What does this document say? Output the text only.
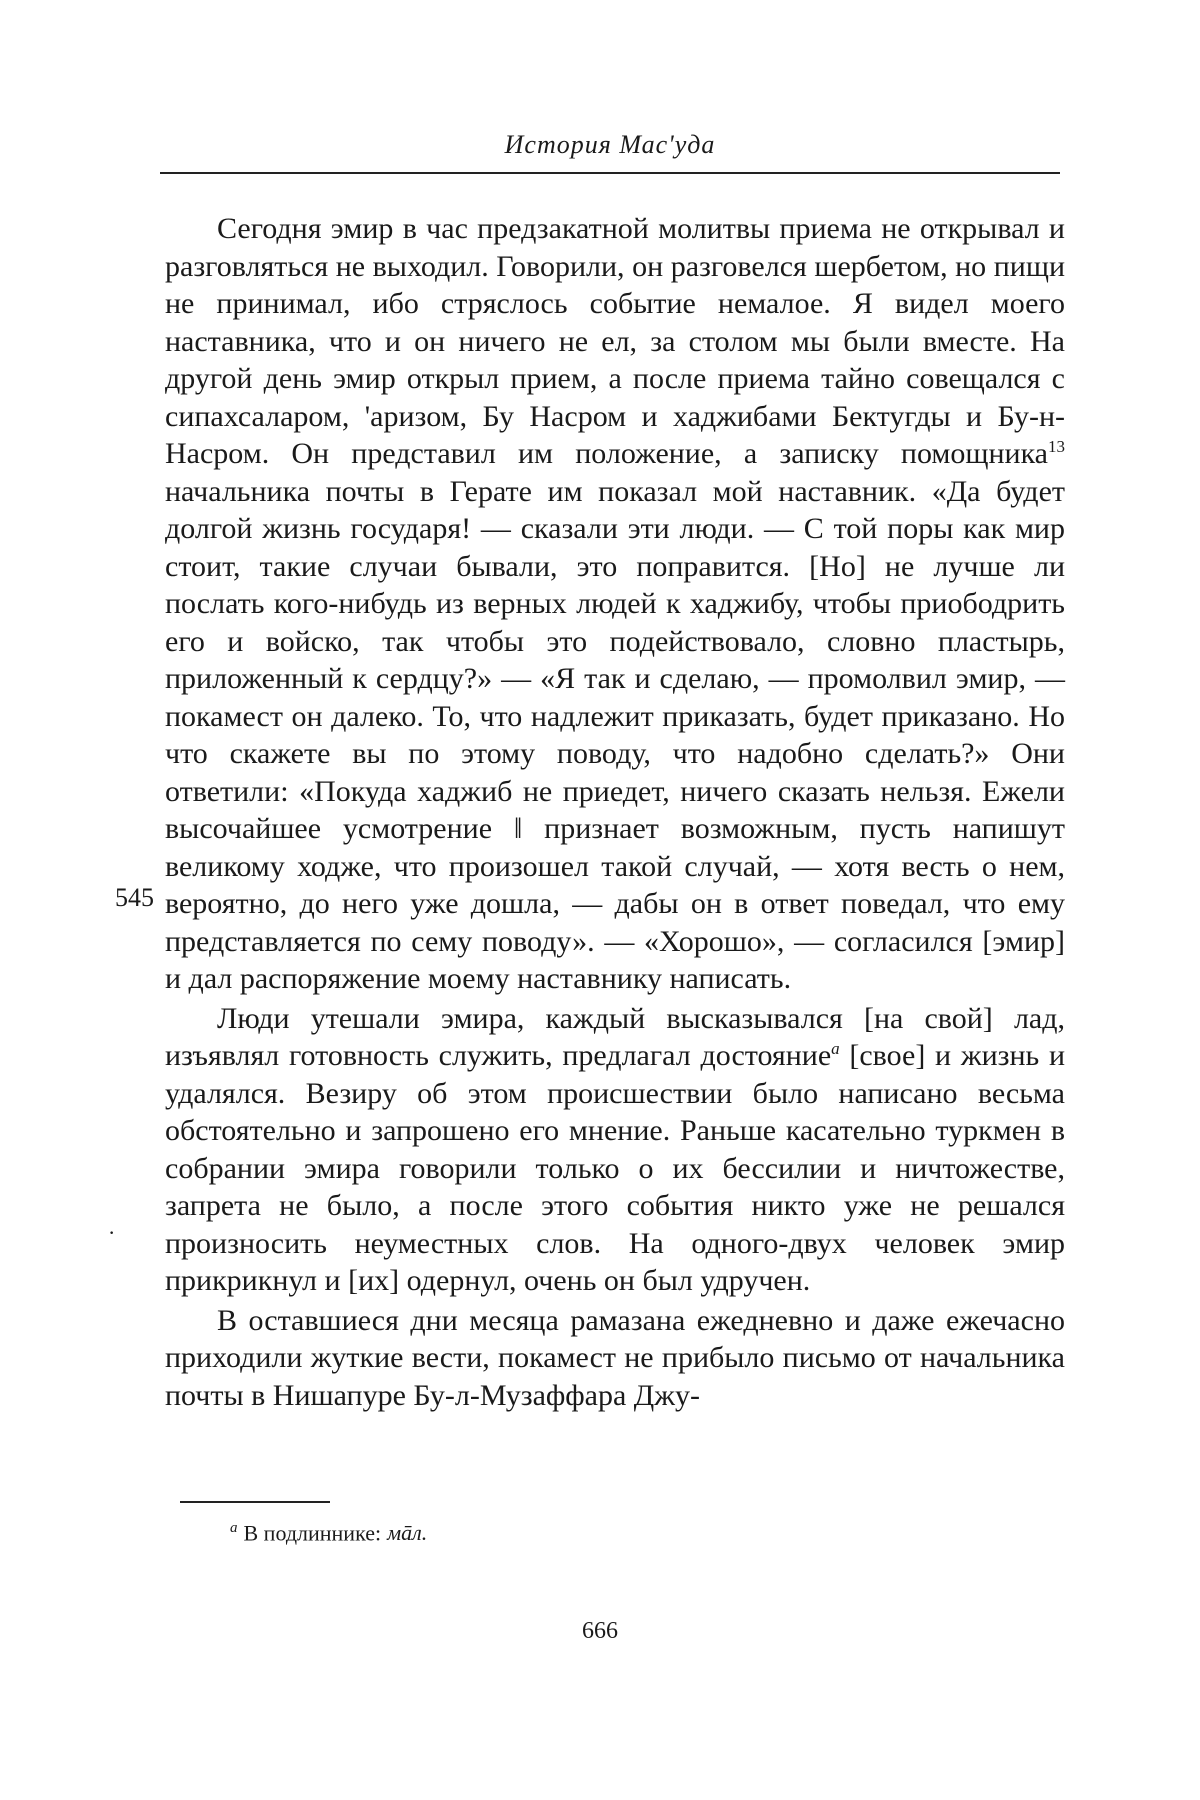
История Мас'уда
545
·

Сегодня эмир в час предзакатной молитвы приема не открывал и разговляться не выходил. Говорили, он разговелся шербетом, но пищи не принимал, ибо стряслось событие немалое. Я видел моего наставника, что и он ничего не ел, за столом мы были вместе. На другой день эмир открыл прием, а после приема тайно совещался с сипахсаларом, 'аризом, Бу Насром и хаджибами Бектугды и Бу-н-Насром. Он представил им положение, а записку помощника$^{13}$ начальника почты в Герате им показал мой наставник. «Да будет долгой жизнь государя! — сказали эти люди. — С той поры как мир стоит, такие случаи бывали, это поправится. [Но] не лучше ли послать кого-нибудь из верных людей к хаджибу, чтобы приободрить его и войско, так чтобы это подействовало, словно пластырь, приложенный к сердцу?» — «Я так и сделаю, — промолвил эмир, — покамест он далеко. То, что надлежит приказать, будет приказано. Но что скажете вы по этому поводу, что надобно сделать?» Они ответили: «Покуда хаджиб не приедет, ничего сказать нельзя. Ежели высочайшее усмотрение ‖ признает возможным, пусть напишут великому ходже, что произошел такой случай, — хотя весть о нем, вероятно, до него уже дошла, — дабы он в ответ поведал, что ему представляется по сему поводу». — «Хорошо», — согласился [эмир] и дал распоряжение моему наставнику написать.

Люди утешали эмира, каждый высказывался [на свой] лад, изъявлял готовность служить, предлагал достояние$^a$ [свое] и жизнь и удалялся. Везиру об этом происшествии было написано весьма обстоятельно и запрошено его мнение. Раньше касательно туркмен в собрании эмира говорили только о их бессилии и ничтожестве, запрета не было, а после этого события никто уже не решался произносить неуместных слов. На одного-двух человек эмир прикрикнул и [их] одернул, очень он был удручен.

В оставшиеся дни месяца рамазана ежедневно и даже ежечасно приходили жуткие вести, покамест не прибыло письмо от начальника почты в Нишапуре Бу-л-Музаффара Джу-

$^a$ В подлиннике: мāл.
666
